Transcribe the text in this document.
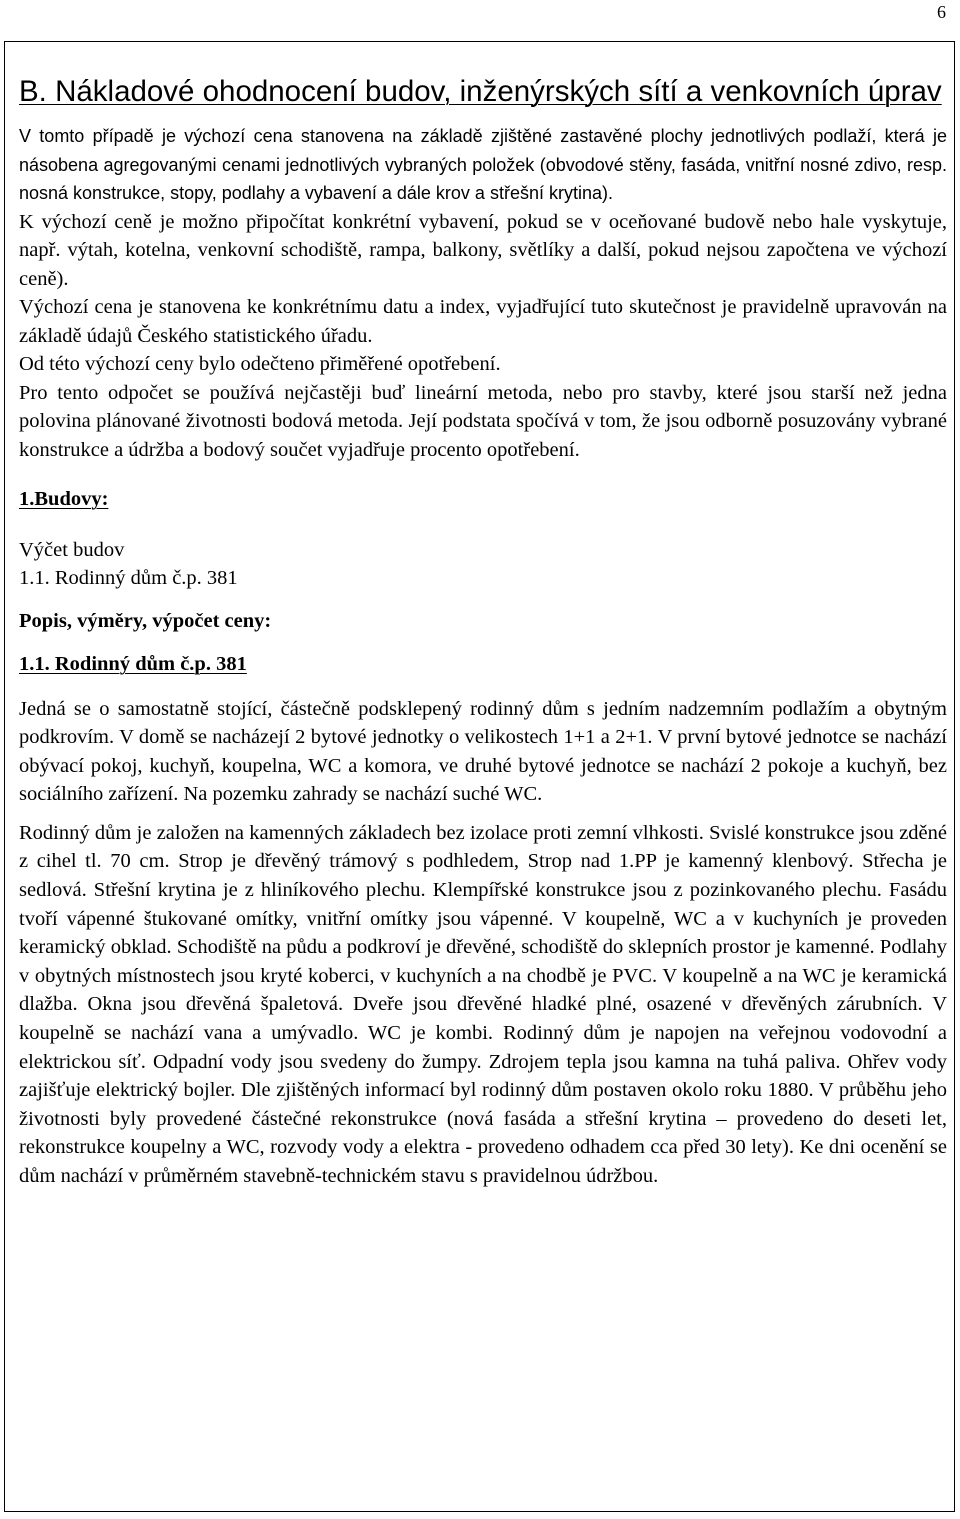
6
B. Nákladové ohodnocení budov, inženýrských sítí a venkovních úprav

V tomto případě je výchozí cena stanovena na základě zjištěné zastavěné plochy jednotlivých podlaží, která je násobena agregovanými cenami jednotlivých vybraných položek (obvodové stěny, fasáda, vnitřní nosné zdivo, resp. nosná konstrukce, stopy, podlahy a vybavení a dále krov a střešní krytina).

K výchozí ceně je možno připočítat konkrétní vybavení, pokud se v oceňované budově nebo hale vyskytuje, např. výtah, kotelna, venkovní schodiště, rampa, balkony, světlíky a další, pokud nejsou započtena ve výchozí ceně).

Výchozí cena je stanovena ke konkrétnímu datu a index, vyjadřující tuto skutečnost je pravidelně upravován na základě údajů Českého statistického úřadu.

Od této výchozí ceny bylo odečteno přiměřené opotřebení.

Pro tento odpočet se používá nejčastěji buď lineární metoda, nebo pro stavby, které jsou starší než jedna polovina plánované životnosti bodová metoda. Její podstata spočívá v tom, že jsou odborně posuzovány vybrané konstrukce a údržba a bodový součet vyjadřuje procento opotřebení.

1.Budovy:

Výčet budov

1.1. Rodinný dům č.p. 381

Popis, výměry, výpočet ceny:
1.1. Rodinný dům č.p. 381

Jedná se o samostatně stojící, částečně podsklepený rodinný dům s jedním nadzemním podlažím a obytným podkrovím. V domě se nacházejí 2 bytové jednotky o velikostech 1+1 a 2+1. V první bytové jednotce se nachází obývací pokoj, kuchyň, koupelna, WC a komora, ve druhé bytové jednotce se nachází 2 pokoje a kuchyň, bez sociálního zařízení. Na pozemku zahrady se nachází suché WC.

Rodinný dům je založen na kamenných základech bez izolace proti zemní vlhkosti. Svislé konstrukce jsou zděné z cihel tl. 70 cm. Strop je dřevěný trámový s podhledem, Strop nad 1.PP je kamenný klenbový. Střecha je sedlová. Střešní krytina je z hliníkového plechu. Klempířské konstrukce jsou z pozinkovaného plechu. Fasádu tvoří vápenné štukované omítky, vnitřní omítky jsou vápenné. V koupelně, WC a v kuchyních je proveden keramický obklad. Schodiště na půdu a podkroví je dřevěné, schodiště do sklepních prostor je kamenné. Podlahy v obytných místnostech jsou kryté koberci, v kuchyních a na chodbě je PVC. V koupelně a na WC je keramická dlažba. Okna jsou dřevěná špaletová. Dveře jsou dřevěné hladké plné, osazené v dřevěných zárubních. V koupelně se nachází vana a umývadlo. WC je kombi. Rodinný dům je napojen na veřejnou vodovodní a elektrickou síť. Odpadní vody jsou svedeny do žumpy. Zdrojem tepla jsou kamna na tuhá paliva. Ohřev vody zajišťuje elektrický bojler. Dle zjištěných informací byl rodinný dům postaven okolo roku 1880. V průběhu jeho životnosti byly provedené částečné rekonstrukce (nová fasáda a střešní krytina – provedeno do deseti let, rekonstrukce koupelny a WC, rozvody vody a elektra - provedeno odhadem cca před 30 lety). Ke dni ocenění se dům nachází v průměrném stavebně-technickém stavu s pravidelnou údržbou.
